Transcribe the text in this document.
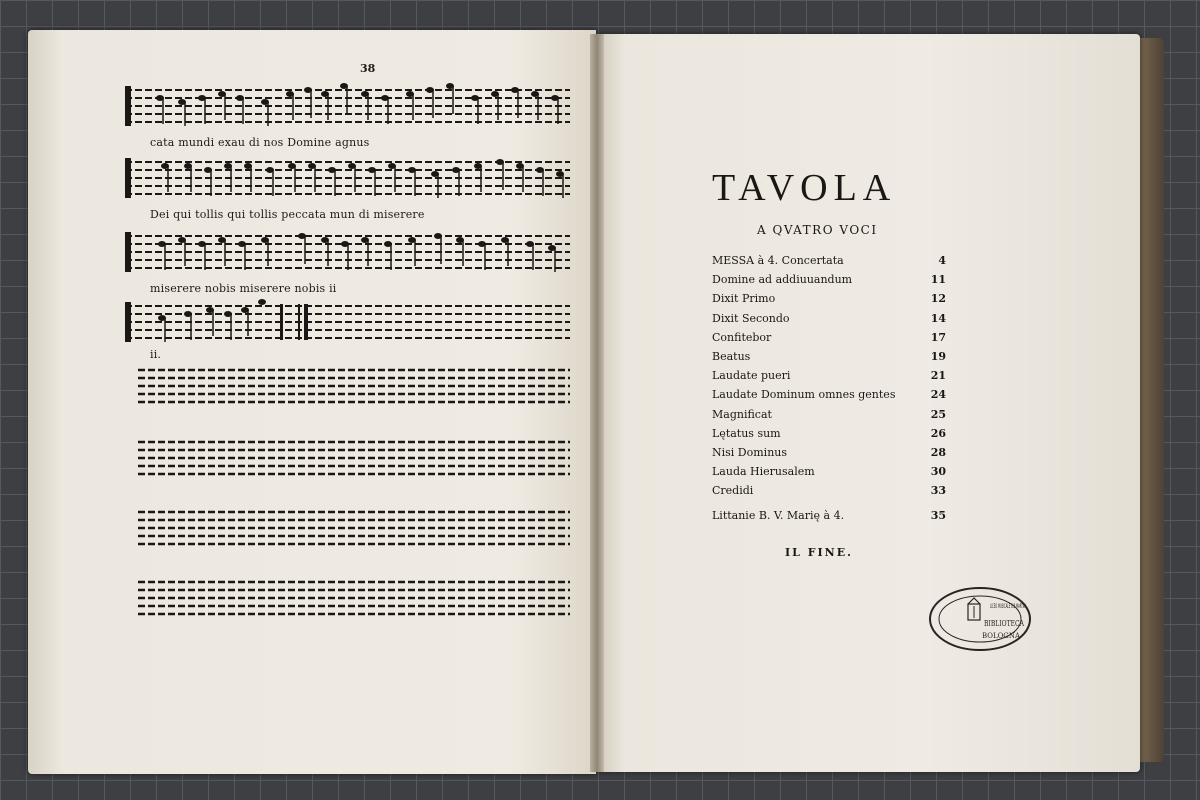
38
cata mundi exau di nos Domine agnus
Dei qui tollis qui tollis peccata mun di miserere
miserere nobis miserere nobis ii
ii.
TAVOLA
A QVATRO VOCI
MESSA à 4. Concertata	4
Domine ad addiuuandum	11
Dixit Primo	12
Dixit Secondo	14
Confitebor	17
Beatus	19
Laudate pueri	21
Laudate Dominum omnes gentes	24
Magnificat	25
Lętatus sum	26
Nisi Dominus	28
Lauda Hierusalem	30
Credidi	33
Littanie B. V. Marię à 4.	35
IL FINE.
LICEO MUSICALE G.B.MARTINI
BIBLIOTECA
BOLOGNA
